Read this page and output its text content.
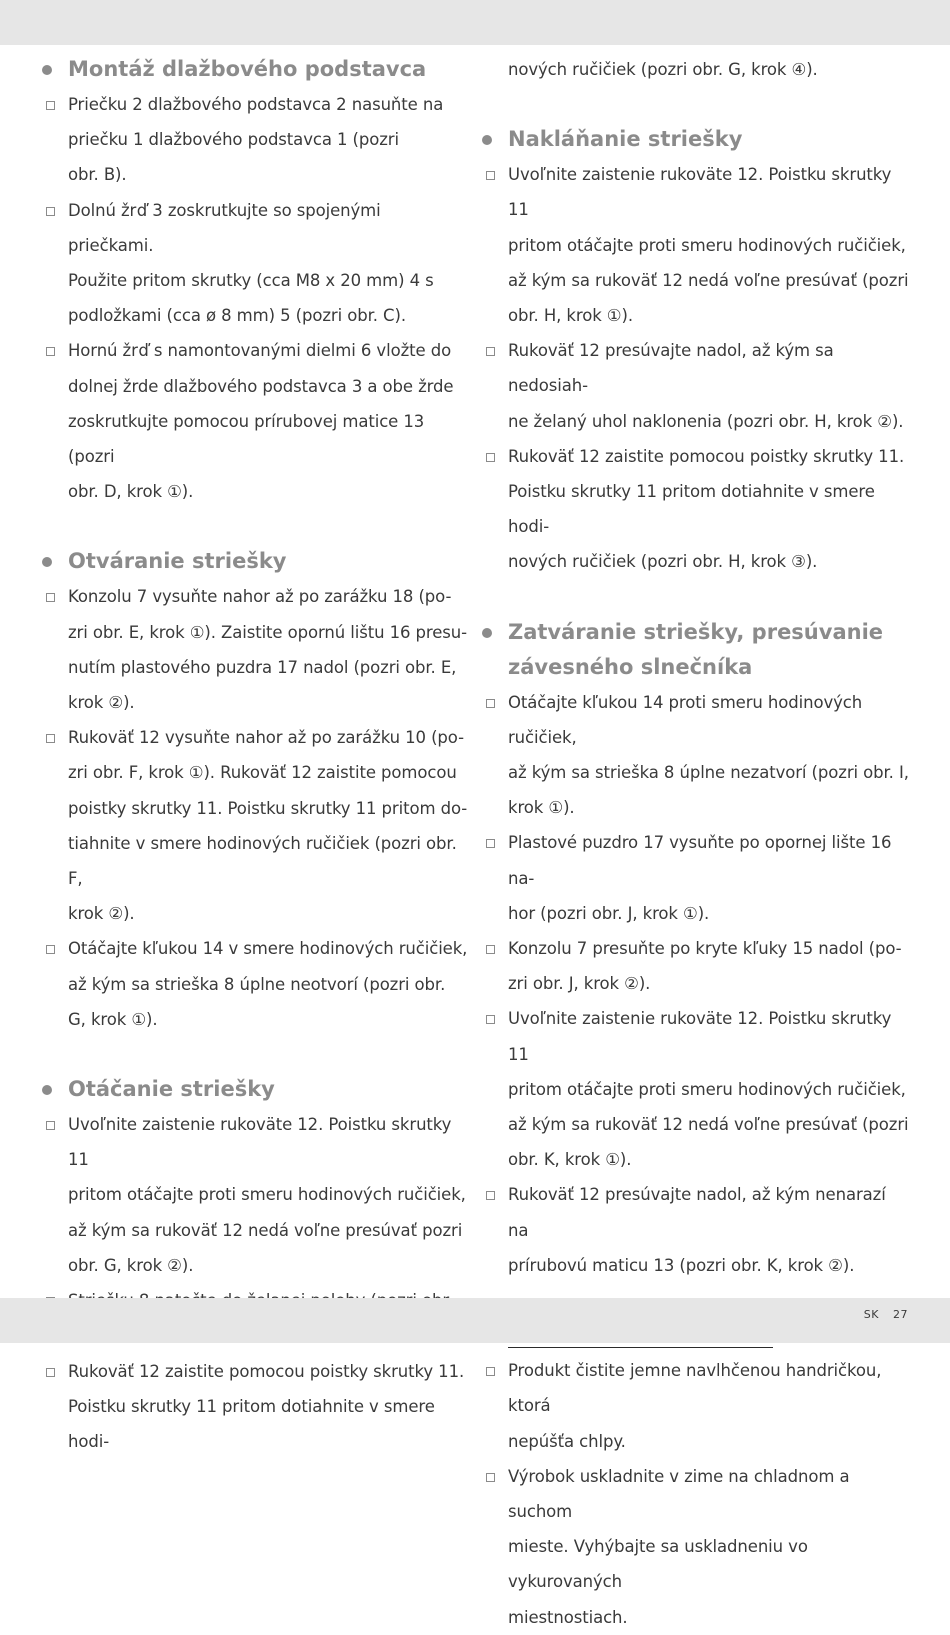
Montáž dlažbového podstavca
Priečku 2 dlažbového podstavca 2 nasuňte na
priečku 1 dlažbového podstavca 1 (pozri
obr. B).
Dolnú žrď 3 zoskrutkujte so spojenými priečkami.
Použite pritom skrutky (cca M8 x 20 mm) 4 s
podložkami (cca ø 8 mm) 5 (pozri obr. C).
Hornú žrď s namontovanými dielmi 6 vložte do
dolnej žrde dlažbového podstavca 3 a obe žrde
zoskrutkujte pomocou prírubovej matice 13 (pozri
obr. D, krok ①).
Otváranie striešky
Konzolu 7 vysuňte nahor až po zarážku 18 (po-
zri obr. E, krok ①). Zaistite opornú lištu 16 presu-
nutím plastového puzdra 17 nadol (pozri obr. E,
krok ②).
Rukoväť 12 vysuňte nahor až po zarážku 10 (po-
zri obr. F, krok ①). Rukoväť 12 zaistite pomocou
poistky skrutky 11. Poistku skrutky 11 pritom do-
tiahnite v smere hodinových ručičiek (pozri obr. F,
krok ②).
Otáčajte kľukou 14 v smere hodinových ručičiek,
až kým sa strieška 8 úplne neotvorí (pozri obr.
G, krok ①).
Otáčanie striešky
Uvoľnite zaistenie rukoväte 12. Poistku skrutky 11
pritom otáčajte proti smeru hodinových ručičiek,
až kým sa rukoväť 12 nedá voľne presúvať pozri
obr. G, krok ②).
Rukoväť 12 zaistite pomocou poistky skrutky 11.
Poistku skrutky 11 pritom dotiahnite v smere hodi-
nových ručičiek (pozri obr. G, krok ④).
Nakláňanie striešky
Uvoľnite zaistenie rukoväte 12. Poistku skrutky 11
pritom otáčajte proti smeru hodinových ručičiek,
až kým sa rukoväť 12 nedá voľne presúvať (pozri
obr. H, krok ①).
Rukoväť 12 presúvajte nadol, až kým sa nedosiah-
ne želaný uhol naklonenia (pozri obr. H, krok ②).
Rukoväť 12 zaistite pomocou poistky skrutky 11.
Poistku skrutky 11 pritom dotiahnite v smere hodi-
nových ručičiek (pozri obr. H, krok ③).
Zatváranie striešky, presúvanie
závesného slnečníka
Otáčajte kľukou 14 proti smeru hodinových ručičiek,
až kým sa strieška 8 úplne nezatvorí (pozri obr. I,
krok ①).
Plastové puzdro 17 vysuňte po opornej lište 16 na-
hor (pozri obr. J, krok ①).
Konzolu 7 presuňte po kryte kľuky 15 nadol (po-
zri obr. J, krok ②).
Uvoľnite zaistenie rukoväte 12. Poistku skrutky 11
pritom otáčajte proti smeru hodinových ručičiek,
až kým sa rukoväť 12 nedá voľne presúvať (pozri
obr. K, krok ①).
Rukoväť 12 presúvajte nadol, až kým nenarazí na
prírubovú maticu 13 (pozri obr. K, krok ②).
Produkt čistite jemne navlhčenou handričkou, ktorá
nepúšťa chlpy.
Výrobok uskladnite v zime na chladnom a suchom
mieste. Vyhýbajte sa uskladneniu vo vykurovaných
miestnostiach.
SK 27
